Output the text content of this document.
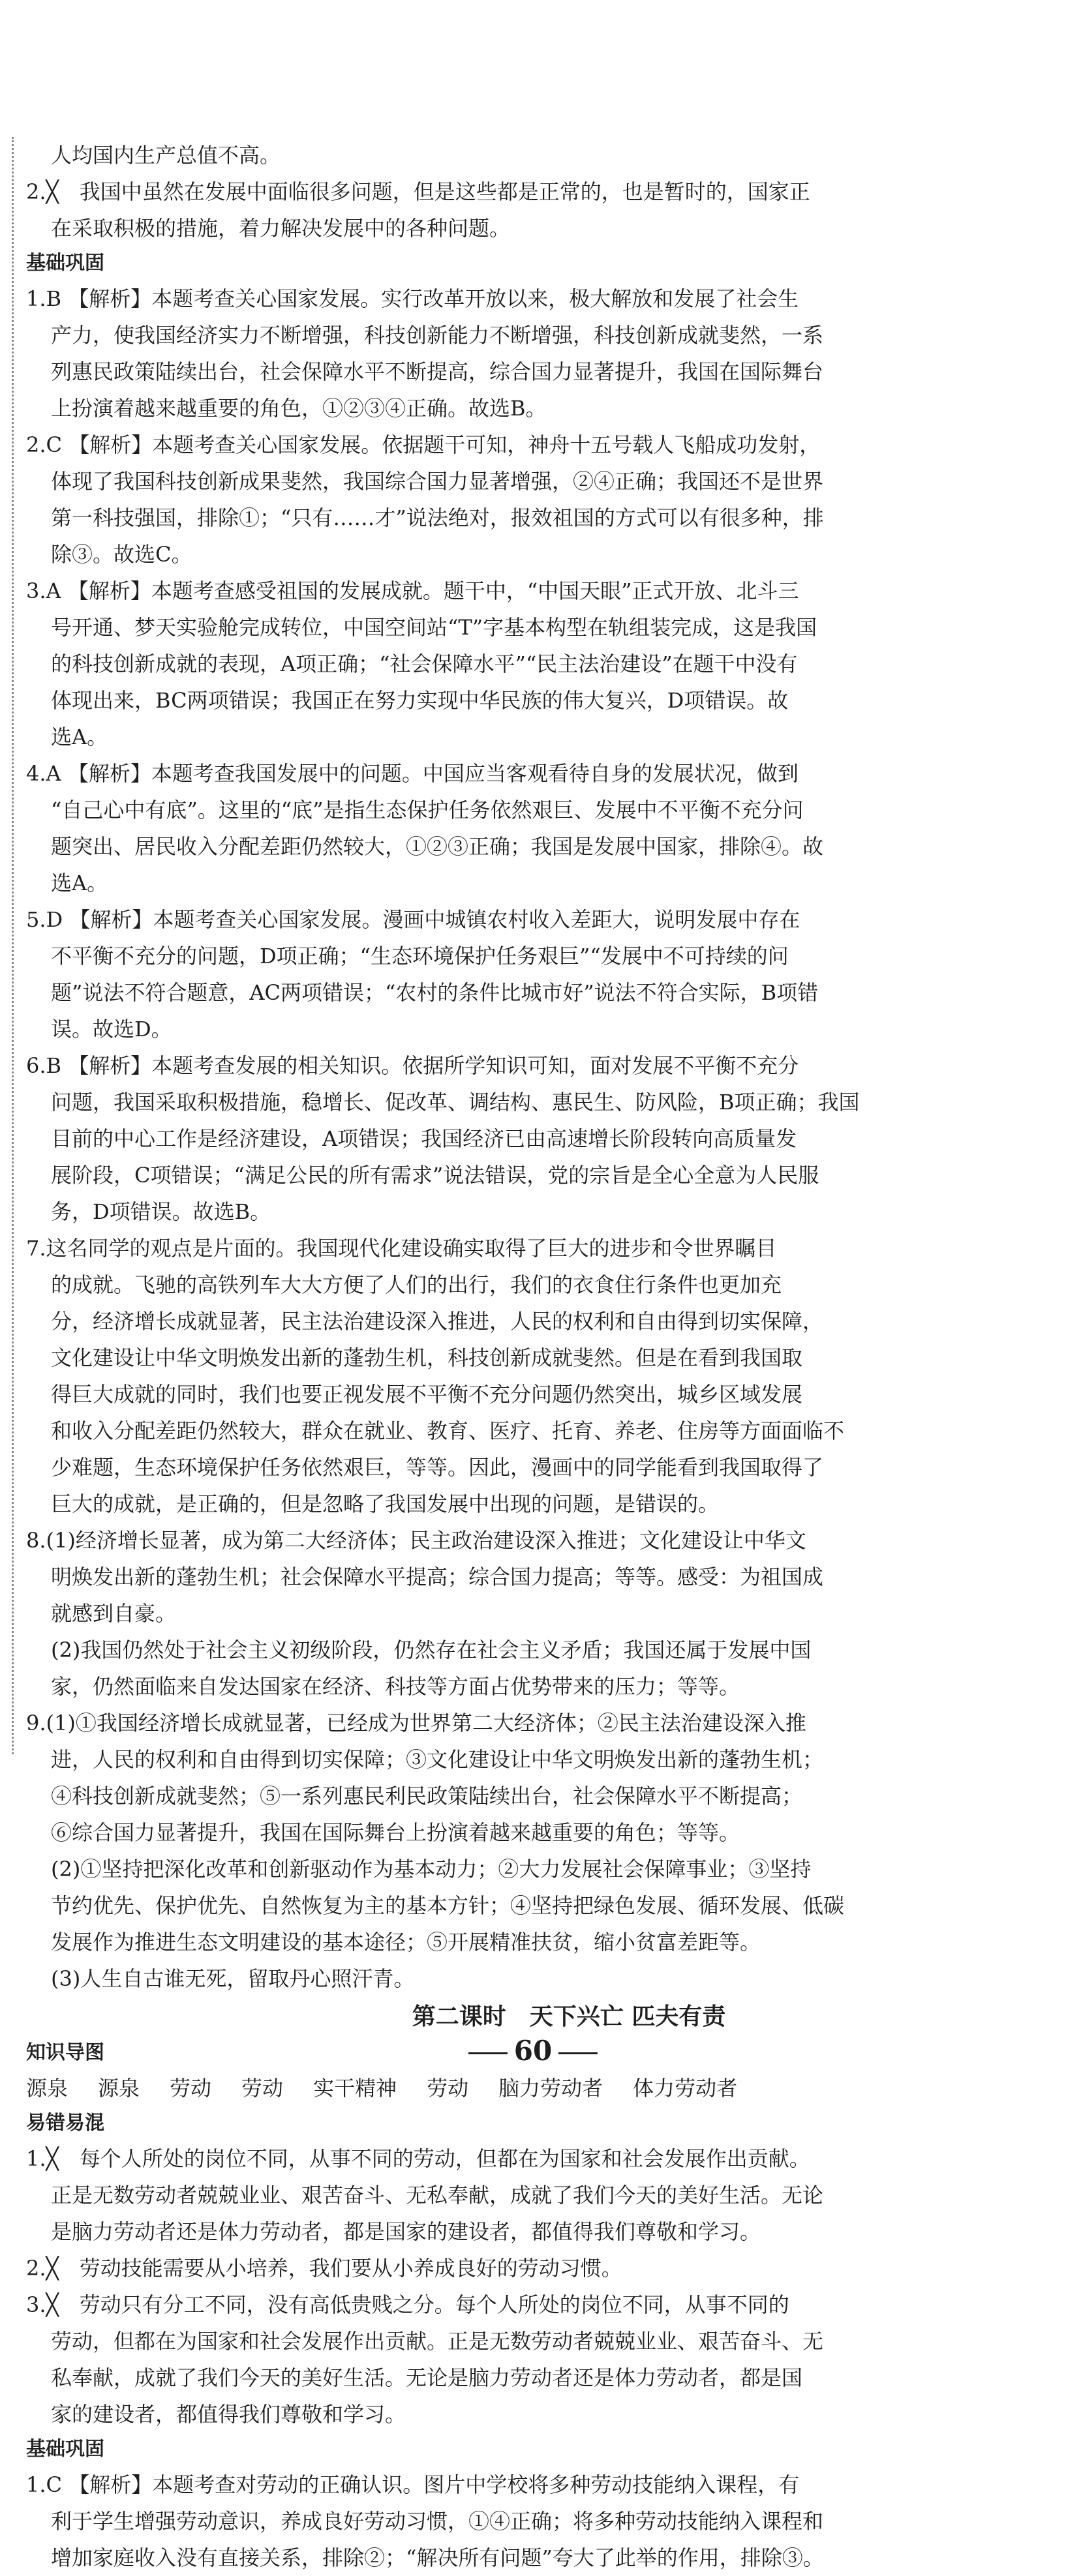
人均国内生产总值不高。
2.╳　我国中虽然在发展中面临很多问题，但是这些都是正常的，也是暂时的，国家正
在采取积极的措施，着力解决发展中的各种问题。
基础巩固
1.B 【解析】本题考查关心国家发展。实行改革开放以来，极大解放和发展了社会生
产力，使我国经济实力不断增强，科技创新能力不断增强，科技创新成就斐然，一系
列惠民政策陆续出台，社会保障水平不断提高，综合国力显著提升，我国在国际舞台
上扮演着越来越重要的角色，①②③④正确。故选B。
2.C 【解析】本题考查关心国家发展。依据题干可知，神舟十五号载人飞船成功发射，
体现了我国科技创新成果斐然，我国综合国力显著增强，②④正确；我国还不是世界
第一科技强国，排除①；“只有……才”说法绝对，报效祖国的方式可以有很多种，排
除③。故选C。
3.A 【解析】本题考查感受祖国的发展成就。题干中，“中国天眼”正式开放、北斗三
号开通、梦天实验舱完成转位，中国空间站“T”字基本构型在轨组装完成，这是我国
的科技创新成就的表现，A项正确；“社会保障水平”“民主法治建设”在题干中没有
体现出来，BC两项错误；我国正在努力实现中华民族的伟大复兴，D项错误。故
选A。
4.A 【解析】本题考查我国发展中的问题。中国应当客观看待自身的发展状况，做到
“自己心中有底”。这里的“底”是指生态保护任务依然艰巨、发展中不平衡不充分问
题突出、居民收入分配差距仍然较大，①②③正确；我国是发展中国家，排除④。故
选A。
5.D 【解析】本题考查关心国家发展。漫画中城镇农村收入差距大，说明发展中存在
不平衡不充分的问题，D项正确；“生态环境保护任务艰巨”“发展中不可持续的问
题”说法不符合题意，AC两项错误；“农村的条件比城市好”说法不符合实际，B项错
误。故选D。
6.B 【解析】本题考查发展的相关知识。依据所学知识可知，面对发展不平衡不充分
问题，我国采取积极措施，稳增长、促改革、调结构、惠民生、防风险，B项正确；我国
目前的中心工作是经济建设，A项错误；我国经济已由高速增长阶段转向高质量发
展阶段，C项错误；“满足公民的所有需求”说法错误，党的宗旨是全心全意为人民服
务，D项错误。故选B。
7.这名同学的观点是片面的。我国现代化建设确实取得了巨大的进步和令世界瞩目
的成就。飞驰的高铁列车大大方便了人们的出行，我们的衣食住行条件也更加充
分，经济增长成就显著，民主法治建设深入推进，人民的权利和自由得到切实保障，
文化建设让中华文明焕发出新的蓬勃生机，科技创新成就斐然。但是在看到我国取
得巨大成就的同时，我们也要正视发展不平衡不充分问题仍然突出，城乡区域发展
和收入分配差距仍然较大，群众在就业、教育、医疗、托育、养老、住房等方面面临不
少难题，生态环境保护任务依然艰巨，等等。因此，漫画中的同学能看到我国取得了
巨大的成就，是正确的，但是忽略了我国发展中出现的问题，是错误的。
8.(1)经济增长显著，成为第二大经济体；民主政治建设深入推进；文化建设让中华文
明焕发出新的蓬勃生机；社会保障水平提高；综合国力提高；等等。感受：为祖国成
就感到自豪。
(2)我国仍然处于社会主义初级阶段，仍然存在社会主义矛盾；我国还属于发展中国
家，仍然面临来自发达国家在经济、科技等方面占优势带来的压力；等等。
9.(1)①我国经济增长成就显著，已经成为世界第二大经济体；②民主法治建设深入推
进，人民的权利和自由得到切实保障；③文化建设让中华文明焕发出新的蓬勃生机；
④科技创新成就斐然；⑤一系列惠民利民政策陆续出台，社会保障水平不断提高；
⑥综合国力显著提升，我国在国际舞台上扮演着越来越重要的角色；等等。
(2)①坚持把深化改革和创新驱动作为基本动力；②大力发展社会保障事业；③坚持
节约优先、保护优先、自然恢复为主的基本方针；④坚持把绿色发展、循环发展、低碳
发展作为推进生态文明建设的基本途径；⑤开展精准扶贫，缩小贫富差距等。
(3)人生自古谁无死，留取丹心照汗青。
第二课时　天下兴亡 匹夫有责
知识导图
源泉 源泉 劳动 劳动 实干精神 劳动 脑力劳动者 体力劳动者
易错易混
1.╳　每个人所处的岗位不同，从事不同的劳动，但都在为国家和社会发展作出贡献。
正是无数劳动者兢兢业业、艰苦奋斗、无私奉献，成就了我们今天的美好生活。无论
是脑力劳动者还是体力劳动者，都是国家的建设者，都值得我们尊敬和学习。
2.╳　劳动技能需要从小培养，我们要从小养成良好的劳动习惯。
3.╳　劳动只有分工不同，没有高低贵贱之分。每个人所处的岗位不同，从事不同的
劳动，但都在为国家和社会发展作出贡献。正是无数劳动者兢兢业业、艰苦奋斗、无
私奉献，成就了我们今天的美好生活。无论是脑力劳动者还是体力劳动者，都是国
家的建设者，都值得我们尊敬和学习。
基础巩固
1.C 【解析】本题考查对劳动的正确认识。图片中学校将多种劳动技能纳入课程，有
利于学生增强劳动意识，养成良好劳动习惯，①④正确；将多种劳动技能纳入课程和
增加家庭收入没有直接关系，排除②；“解决所有问题”夸大了此举的作用，排除③。
60
